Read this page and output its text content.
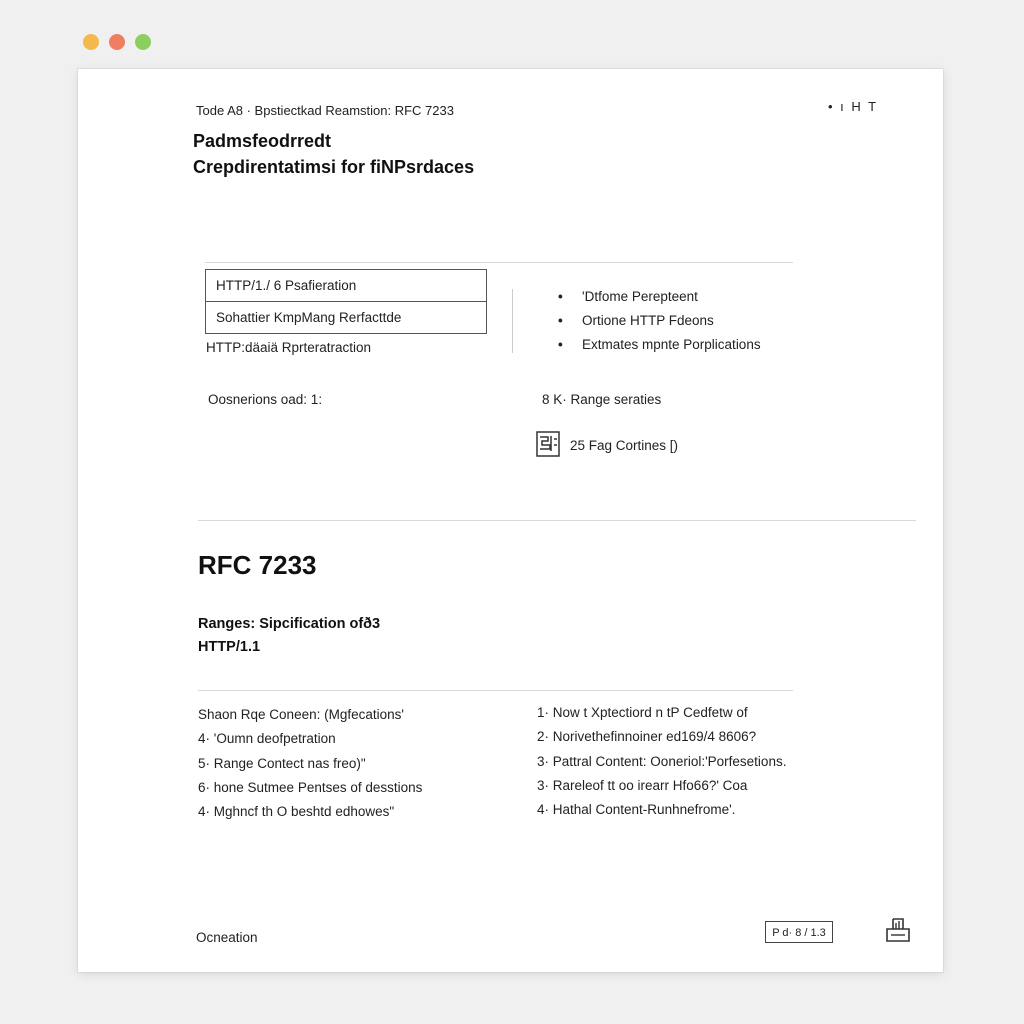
Tode A8 · Bpstiectkad Reamstion: RFC 7233	• ı Η Τ
Padmsfeodrredt
Crepdirentatimsi for fiNPsrdaces
HTTP/1./ 6 Psafieration
Sohattier KmpMang Rerfacttde
HTTP:däaiä Rprteratraction
•	'Dtfome Perepteent
•	Ortione HTTP Fdeons
•	Extmates mpnte Porplications
Oosnerions oad: 1:	8 K· Range seraties
25 Fag Cortines [)
RFC 7233
Ranges: Sipcification ofð3
HTTP/1.1
Shaon Rqe Coneen: (Mgfecations'
4· 'Oumn deofpetration
5· Range Contect nas freo)"
6· hone Sutmee Pentses of desstions
4· Mghncf th O beshtd edhowes"
1· Now t Xptectiord n tP Cedfetw of
2· Norivethefinnoiner ed169/4 8606?
3· Pattral Content: Ooneriol:'Porfesetions.
3· Rareleof tt oo irearr Hfo66?' Coa
4· Hathal Content-Runhnefrome'.
Ocneation	P d· 8 / 1.3
